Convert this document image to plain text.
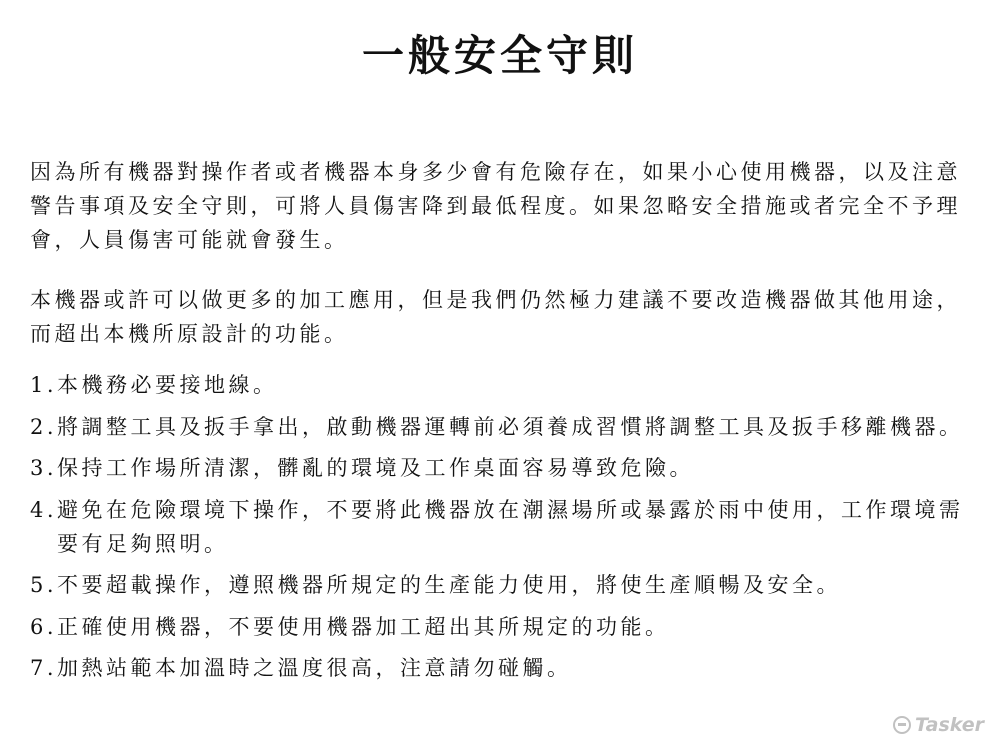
一般安全守則
因為所有機器對操作者或者機器本身多少會有危險存在，如果小心使用機器，以及注意警告事項及安全守則，可將人員傷害降到最低程度。如果忽略安全措施或者完全不予理會，人員傷害可能就會發生。
本機器或許可以做更多的加工應用，但是我們仍然極力建議不要改造機器做其他用途，而超出本機所原設計的功能。
1. 本機務必要接地線。
2. 將調整工具及扳手拿出，啟動機器運轉前必須養成習慣將調整工具及扳手移離機器。
3. 保持工作場所清潔，髒亂的環境及工作桌面容易導致危險。
4. 避免在危險環境下操作，不要將此機器放在潮濕場所或暴露於雨中使用，工作環境需要有足夠照明。
5. 不要超載操作，遵照機器所規定的生產能力使用，將使生產順暢及安全。
6. 正確使用機器，不要使用機器加工超出其所規定的功能。
7. 加熱站範本加溫時之溫度很高，注意請勿碰觸。
Tasker
